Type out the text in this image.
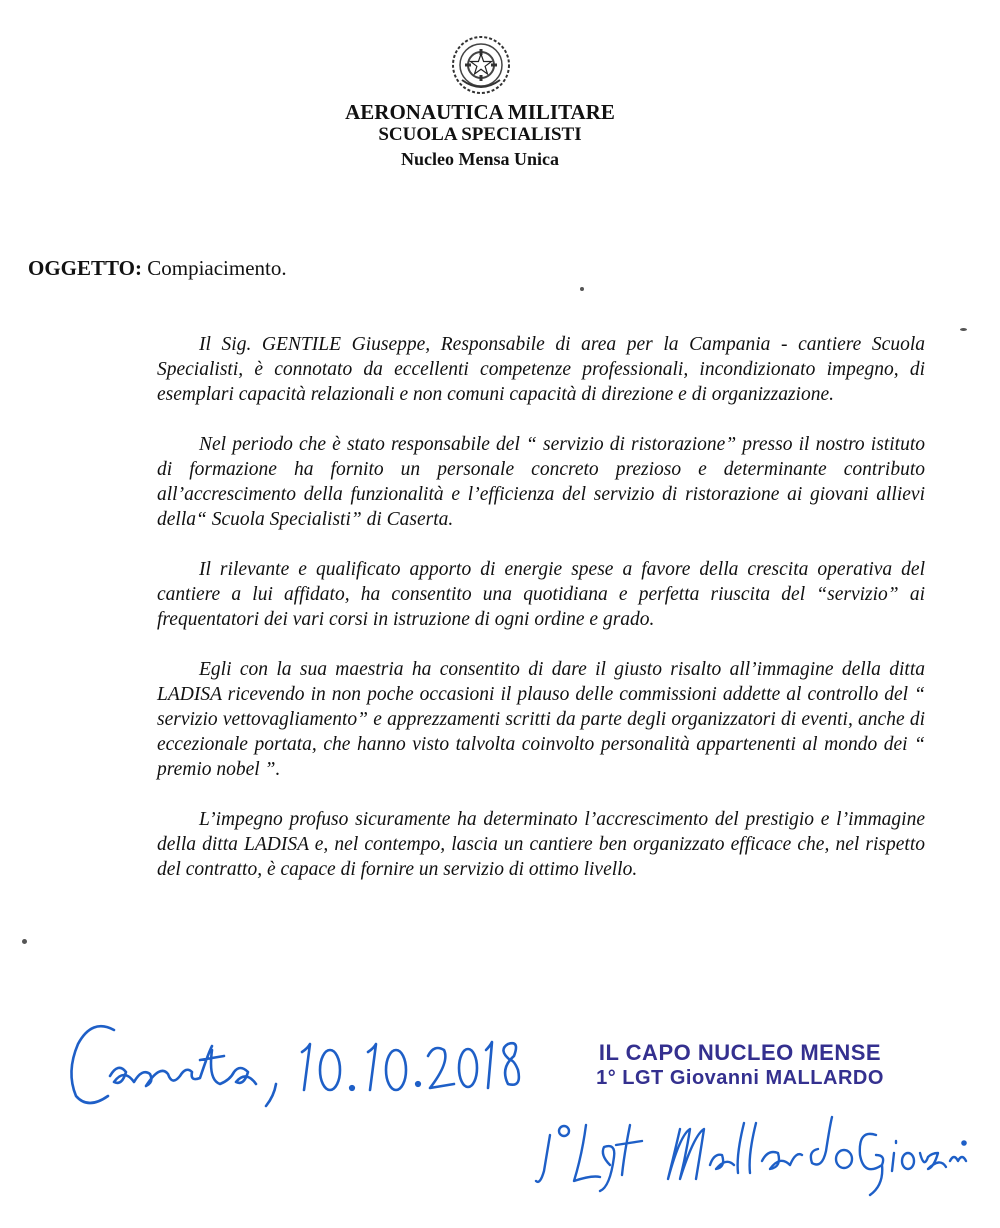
AERONAUTICA MILITARE
SCUOLA SPECIALISTI
Nucleo Mensa Unica
OGGETTO: Compiacimento.

Il Sig. GENTILE Giuseppe, Responsabile di area per la Campania - cantiere Scuola Specialisti, è connotato da eccellenti competenze professionali, incondizionato impegno, di esemplari capacità relazionali e non comuni capacità di direzione e di organizzazione.

Nel periodo che è stato responsabile del “ servizio di ristorazione” presso il nostro istituto di formazione ha fornito un personale concreto prezioso e determinante contributo all’accrescimento della funzionalità e l’efficienza del servizio di ristorazione ai giovani allievi della“ Scuola Specialisti” di Caserta.

Il rilevante e qualificato apporto di energie spese a favore della crescita operativa del cantiere a lui affidato, ha consentito una quotidiana e perfetta riuscita del “servizio” ai frequentatori dei vari corsi in istruzione di ogni ordine e grado.

Egli con la sua maestria ha consentito di dare il giusto risalto all’immagine della ditta LADISA ricevendo in non poche occasioni il plauso delle commissioni addette al controllo del “ servizio vettovagliamento” e apprezzamenti scritti da parte degli organizzatori di eventi, anche di eccezionale portata, che hanno visto talvolta coinvolto personalità appartenenti al mondo dei “ premio nobel ”.

L’impegno profuso sicuramente ha determinato l’accrescimento del prestigio e l’immagine della ditta LADISA e, nel contempo, lascia un cantiere ben organizzato efficace che, nel rispetto del contratto, è capace di fornire un servizio di ottimo livello.

IL CAPO NUCLEO MENSE
1° LGT Giovanni MALLARDO
